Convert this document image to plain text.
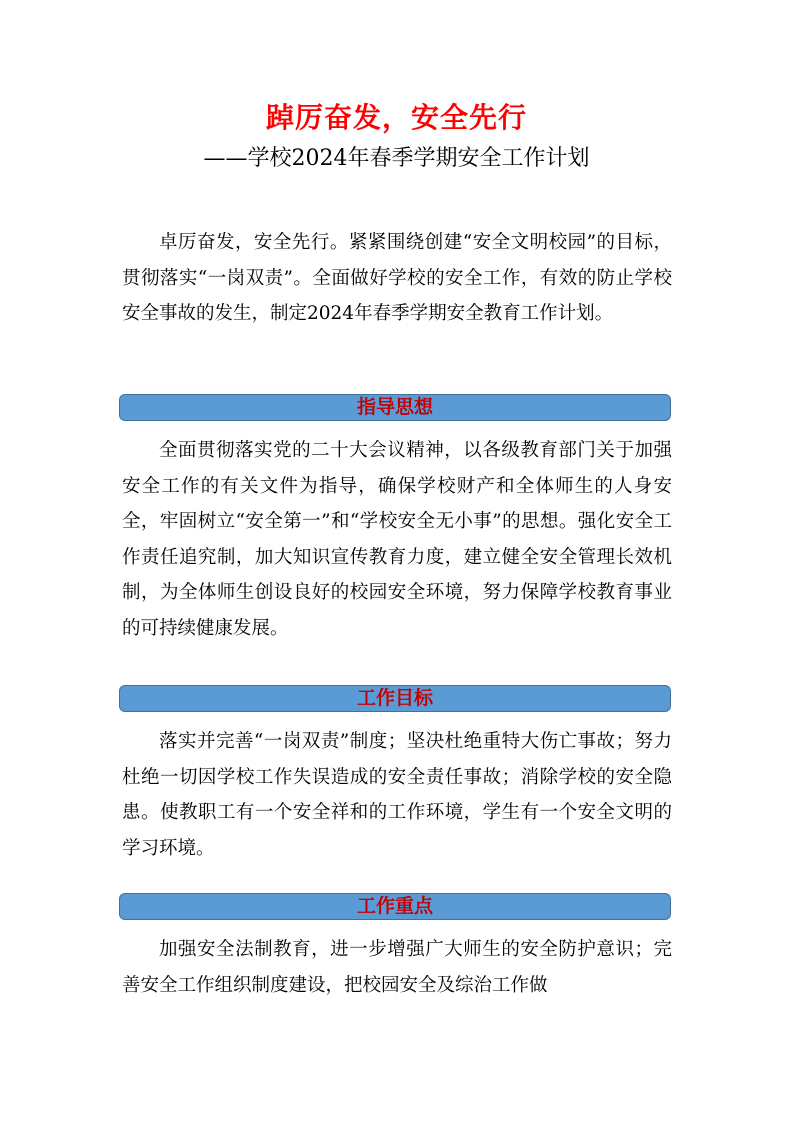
踔厉奋发，安全先行
——学校2024年春季学期安全工作计划

卓厉奋发，安全先行。紧紧围绕创建“安全文明校园”的目标，贯彻落实“一岗双责”。全面做好学校的安全工作，有效的防止学校安全事故的发生，制定2024年春季学期安全教育工作计划。

指导思想

全面贯彻落实党的二十大会议精神，以各级教育部门关于加强安全工作的有关文件为指导，确保学校财产和全体师生的人身安全，牢固树立“安全第一”和“学校安全无小事”的思想。强化安全工作责任追究制，加大知识宣传教育力度，建立健全安全管理长效机制，为全体师生创设良好的校园安全环境，努力保障学校教育事业的可持续健康发展。

工作目标

落实并完善“一岗双责”制度；坚决杜绝重特大伤亡事故；努力杜绝一切因学校工作失误造成的安全责任事故；消除学校的安全隐患。使教职工有一个安全祥和的工作环境，学生有一个安全文明的学习环境。

工作重点

加强安全法制教育，进一步增强广大师生的安全防护意识；完善安全工作组织制度建设，把校园安全及综治工作做
